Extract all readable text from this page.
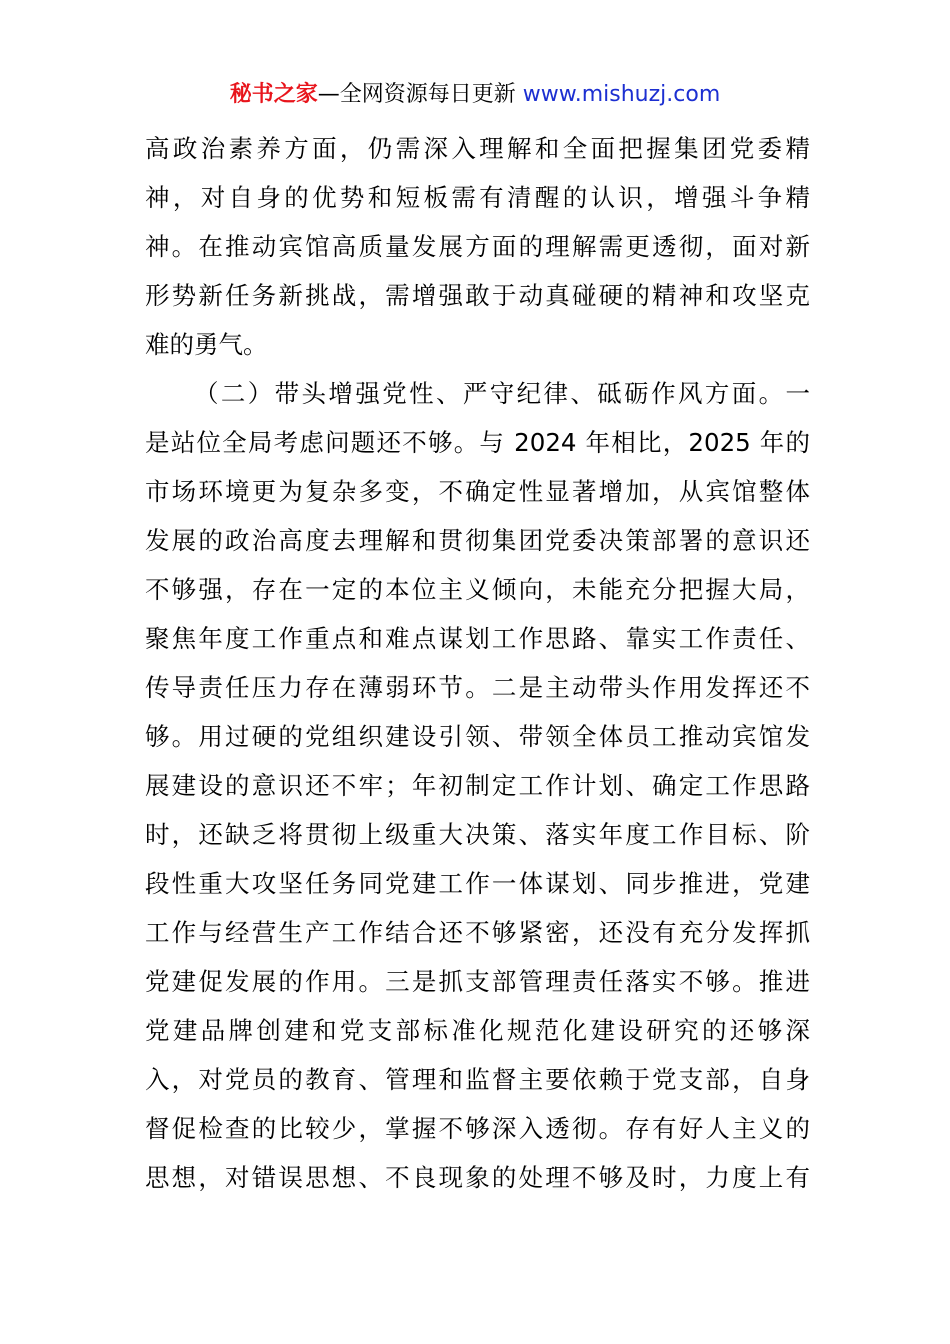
秘书之家—全网资源每日更新 www.mishuzj.com
高政治素养方面，仍需深入理解和全面把握集团党委精
神，对自身的优势和短板需有清醒的认识，增强斗争精
神。在推动宾馆高质量发展方面的理解需更透彻，面对新
形势新任务新挑战，需增强敢于动真碰硬的精神和攻坚克
难的勇气。
（二）带头增强党性、严守纪律、砥砺作风方面。一
是站位全局考虑问题还不够。与 2024 年相比，2025 年的
市场环境更为复杂多变，不确定性显著增加，从宾馆整体
发展的政治高度去理解和贯彻集团党委决策部署的意识还
不够强，存在一定的本位主义倾向，未能充分把握大局，
聚焦年度工作重点和难点谋划工作思路、靠实工作责任、
传导责任压力存在薄弱环节。二是主动带头作用发挥还不
够。用过硬的党组织建设引领、带领全体员工推动宾馆发
展建设的意识还不牢；年初制定工作计划、确定工作思路
时，还缺乏将贯彻上级重大决策、落实年度工作目标、阶
段性重大攻坚任务同党建工作一体谋划、同步推进，党建
工作与经营生产工作结合还不够紧密，还没有充分发挥抓
党建促发展的作用。三是抓支部管理责任落实不够。推进
党建品牌创建和党支部标准化规范化建设研究的还够深
入，对党员的教育、管理和监督主要依赖于党支部，自身
督促检查的比较少，掌握不够深入透彻。存有好人主义的
思想，对错误思想、不良现象的处理不够及时，力度上有
